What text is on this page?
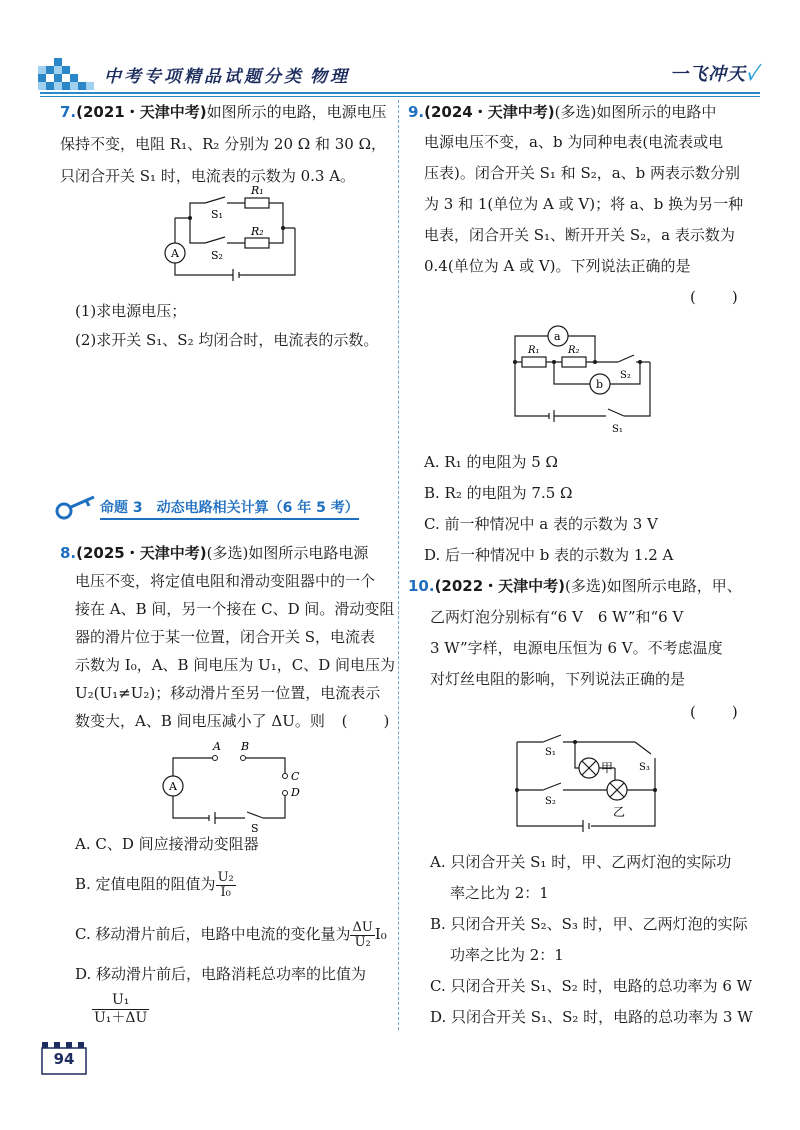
中考专项精品试题分类 物理	一飞冲天✓
7.(2021・天津中考)如图所示的电路，电源电压
保持不变，电阻 R₁、R₂ 分别为 20 Ω 和 30 Ω，
只闭合开关 S₁ 时，电流表的示数为 0.3 A。
A
R₁
R₂
S₁
S₂
(1)求电源电压；
(2)求开关 S₁、S₂ 均闭合时，电流表的示数。
命题 3　动态电路相关计算（6 年 5 考）
8.(2025・天津中考)(多选)如图所示电路电源
电压不变，将定值电阻和滑动变阻器中的一个
接在 A、B 间，另一个接在 C、D 间。滑动变阻
器的滑片位于某一位置，闭合开关 S，电流表
示数为 I₀，A、B 间电压为 U₁，C、D 间电压为
U₂(U₁≠U₂)；移动滑片至另一位置，电流表示
数变大，A、B 间电压减小了 ΔU。则 (　　)
A
A B
C
D
S
A. C、D 间应接滑动变阻器
B. 定值电阻的阻值为 $\frac{\text{U₂}}{\text{I₀}}$
C. 移动滑片前后，电路中电流的变化量为 $\frac{\Delta U}{\text{U₂}} I_0$
D. 移动滑片前后，电路消耗总功率的比值为
$\frac{\text{U₁}}{\text{U₁＋ΔU}}$
9.(2024・天津中考)(多选)如图所示的电路中
电源电压不变，a、b 为同种电表(电流表或电
压表)。闭合开关 S₁ 和 S₂，a、b 两表示数分别
为 3 和 1(单位为 A 或 V)；将 a、b 换为另一种
电表，闭合开关 S₁、断开开关 S₂，a 表示数为
0.4(单位为 A 或 V)。下列说法正确的是
(　　)
a
b
R₁	R₂
S₂
S₁
A. R₁ 的电阻为 5 Ω
B. R₂ 的电阻为 7.5 Ω
C. 前一种情况中 a 表的示数为 3 V
D. 后一种情况中 b 表的示数为 1.2 A
10.(2022・天津中考)(多选)如图所示电路，甲、
乙两灯泡分别标有“6 V　6 W”和“6 V
3 W”字样，电源电压恒为 6 V。不考虑温度
对灯丝电阻的影响，下列说法正确的是
(　　)
S₁
S₂
S₃
甲
乙
A. 只闭合开关 S₁ 时，甲、乙两灯泡的实际功
率之比为 2：1
B. 只闭合开关 S₂、S₃ 时，甲、乙两灯泡的实际
功率之比为 2：1
C. 只闭合开关 S₁、S₂ 时，电路的总功率为 6 W
D. 只闭合开关 S₁、S₂ 时，电路的总功率为 3 W
94
